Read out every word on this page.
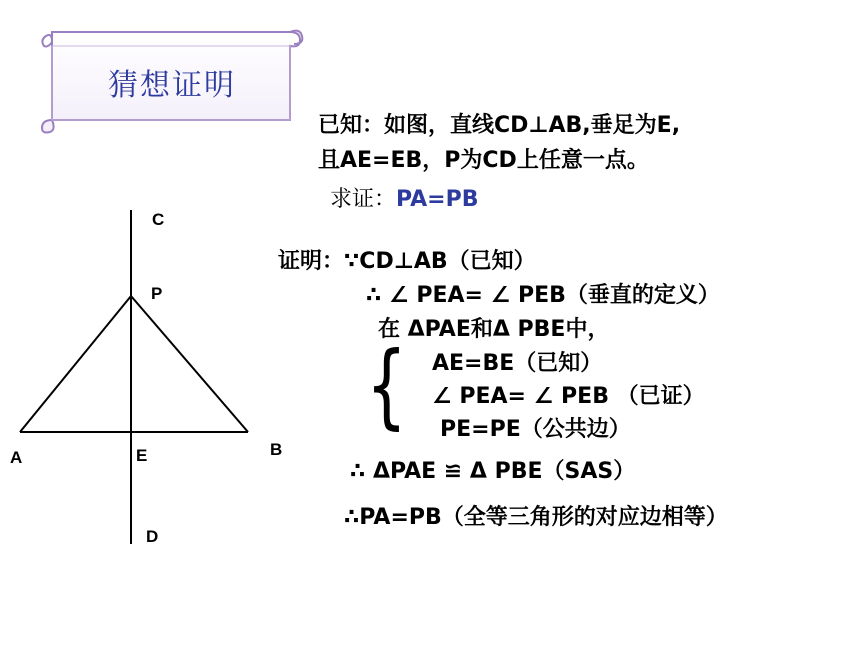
猜想证明
已知：如图，直线CD⊥AB,垂足为E,
且AE=EB，P为CD上任意一点。
求证：PA=PB
C
P
A	E	B
D
证明：∵CD⊥AB（已知）
∴ ∠ PEA= ∠ PEB（垂直的定义）
在 ΔPAE和Δ PBE中，
{ AE=BE（已知）
∠ PEA= ∠ PEB （已证）
PE=PE（公共边）
∴ ΔPAE ≌ Δ PBE（SAS）
∴PA=PB（全等三角形的对应边相等）
